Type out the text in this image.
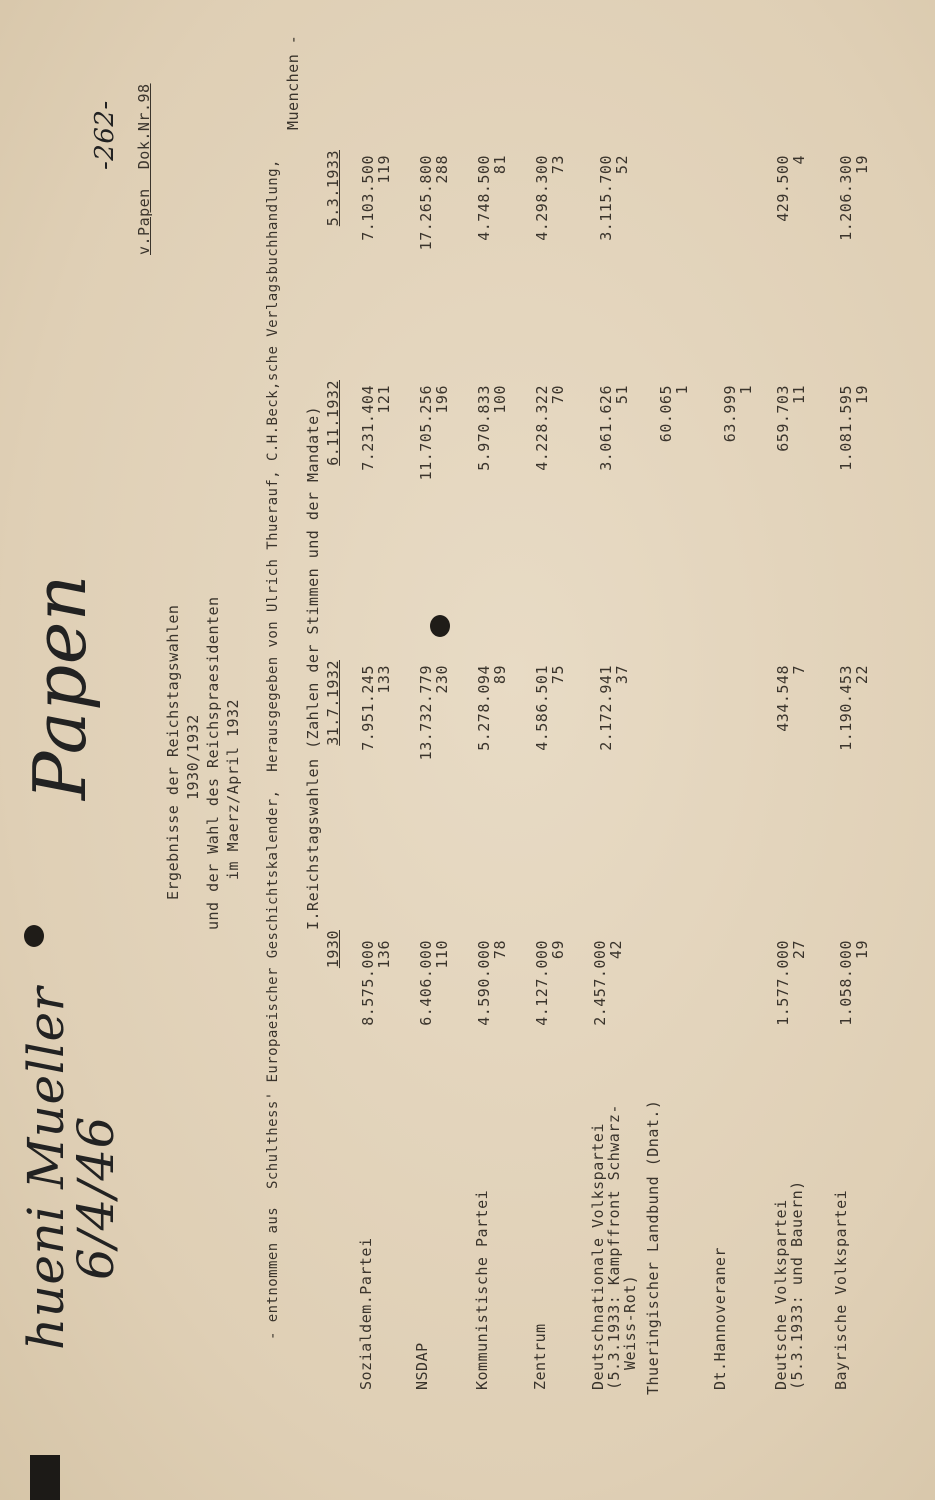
Papen
hueni Mueller
6/4/46
-262- v.Papen  Dok.Nr.98
Ergebnisse der Reichstagswahlen 1930/1932 und der Wahl des Reichspraesidenten im Maerz/April 1932 - entnommen aus  Schulthess' Europaeischer Geschichtskalender,  Herausgegeben von Ulrich Thuerauf, C.H.Beck,sche Verlagsbuchhandlung,
Muenchen -
I.Reichstagswahlen (Zahlen der Stimmen und der Mandate)
1930
31.7.1932
6.11.1932
5.3.1933
Sozialdem.Partei
8.575.000
136
7.951.245
133
7.231.404
121
7.103.500
119
NSDAP
6.406.000
110
13.732.779
230
11.705.256
196
17.265.800
288
Kommunistische Partei
4.590.000
78
5.278.094
89
5.970.833
100
4.748.500
81
Zentrum
4.127.000
69
4.586.501
75
4.228.322
70
4.298.300
73
Deutschnationale Volkspartei
(5.3.1933: Kampffront Schwarz-
Weiss-Rot)
2.457.000
42
2.172.941
37
3.061.626
51
3.115.700
52
Thueringischer Landbund (Dnat.)
60.065
1
Dt.Hannoveraner
63.999
1
Deutsche Volkspartei
(5.3.1933: und Bauern)
1.577.000
27
434.548
7
659.703
11
429.500
4
Bayrische Volkspartei
1.058.000
19
1.190.453
22
1.081.595
19
1.206.300
19
